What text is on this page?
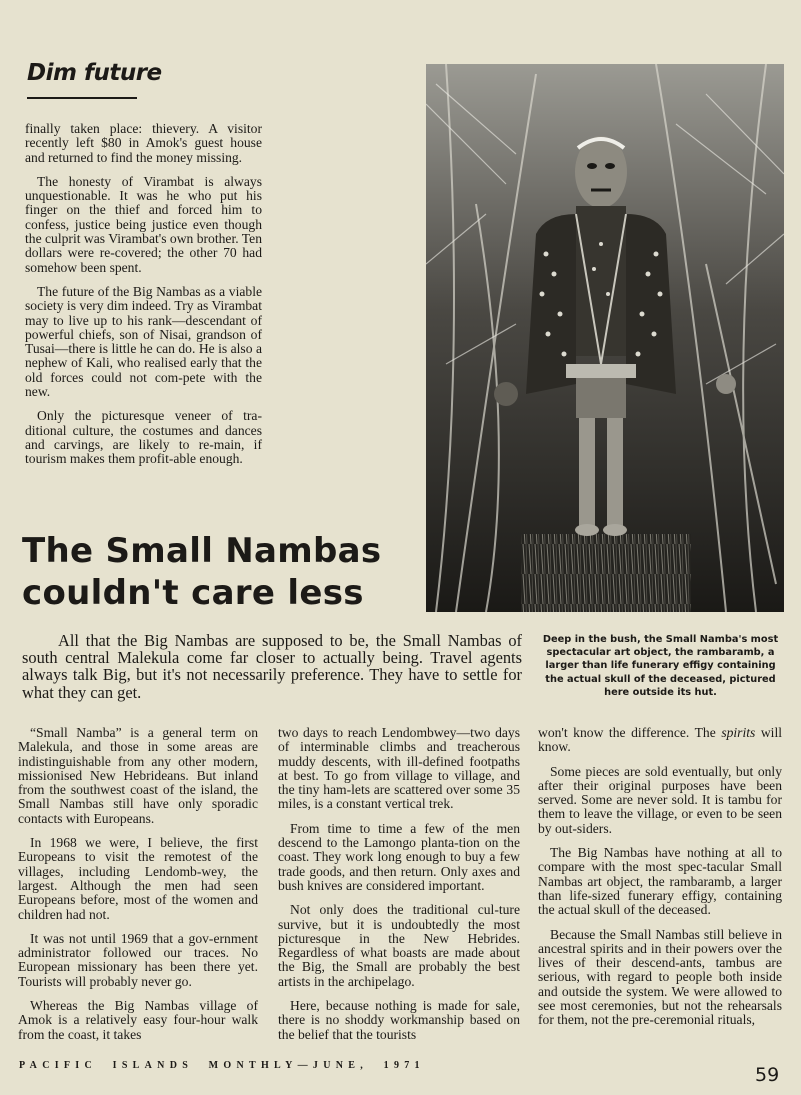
Dim future

finally taken place: thievery. A visitor recently left $80 in Amok's guest house and returned to find the money missing.

The honesty of Virambat is always unquestionable. It was he who put his finger on the thief and forced him to confess, justice being justice even though the culprit was Virambat's own brother. Ten dollars were re-covered; the other 70 had somehow been spent.

The future of the Big Nambas as a viable society is very dim indeed. Try as Virambat may to live up to his rank—descendant of powerful chiefs, son of Nisai, grandson of Tusai—there is little he can do. He is also a nephew of Kali, who realised early that the old forces could not com-pete with the new.

Only the picturesque veneer of tra-ditional culture, the costumes and dances and carvings, are likely to re-main, if tourism makes them profit-able enough.

The Small Nambas
couldn't care less
Deep in the bush, the Small Namba's most spectacular art object, the rambaramb, a larger than life funerary effigy containing the actual skull of the deceased, pictured here outside its hut.

All that the Big Nambas are supposed to be, the Small Nambas of south central Malekula come far closer to actually being. Travel agents always talk Big, but it's not necessarily preference. They have to settle for what they can get.

“Small Namba” is a general term on Malekula, and those in some areas are indistinguishable from any other modern, missionised New Hebrideans. But inland from the southwest coast of the island, the Small Nambas still have only sporadic contacts with Europeans.

In 1968 we were, I believe, the first Europeans to visit the remotest of the villages, including Lendomb-wey, the largest. Although the men had seen Europeans before, most of the women and children had not.

It was not until 1969 that a gov-ernment administrator followed our traces. No European missionary has been there yet. Tourists will probably never go.

Whereas the Big Nambas village of Amok is a relatively easy four-hour walk from the coast, it takes

two days to reach Lendombwey—two days of interminable climbs and treacherous muddy descents, with ill-defined footpaths at best. To go from village to village, and the tiny ham-lets are scattered over some 35 miles, is a constant vertical trek.

From time to time a few of the men descend to the Lamongo planta-tion on the coast. They work long enough to buy a few trade goods, and then return. Only axes and bush knives are considered important.

Not only does the traditional cul-ture survive, but it is undoubtedly the most picturesque in the New Hebrides. Regardless of what boasts are made about the Big, the Small are probably the best artists in the archipelago.

Here, because nothing is made for sale, there is no shoddy workmanship based on the belief that the tourists

won't know the difference. The spirits will know.

Some pieces are sold eventually, but only after their original purposes have been served. Some are never sold. It is tambu for them to leave the village, or even to be seen by out-siders.

The Big Nambas have nothing at all to compare with the most spec-tacular Small Nambas art object, the rambaramb, a larger than life-sized funerary effigy, containing the actual skull of the deceased.

Because the Small Nambas still believe in ancestral spirits and in their powers over the lives of their descend-ants, tambus are serious, with regard to people both inside and outside the system. We were allowed to see most ceremonies, but not the rehearsals for them, not the pre-ceremonial rituals,

PACIFIC  ISLANDS  MONTHLY—JUNE,  1971	59
